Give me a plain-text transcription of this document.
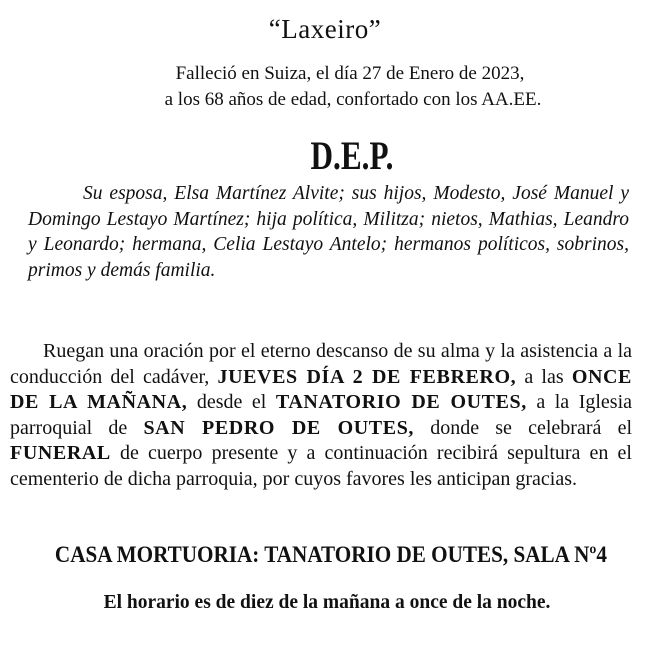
“Laxeiro”
Falleció en Suiza, el día 27 de Enero de 2023,
a los 68 años de edad, confortado con los AA.EE.
D.E.P.
Su esposa, Elsa Martínez Alvite; sus hijos, Modesto, José Manuel y Domingo Lestayo Martínez; hija política, Militza; nietos, Mathias, Leandro y Leonardo; hermana, Celia Lestayo Antelo; hermanos políticos, sobrinos, primos y demás familia.
Ruegan una oración por el eterno descanso de su alma y la asistencia a la conducción del cadáver, JUEVES DÍA 2 DE FEBRERO, a las ONCE DE LA MAÑANA, desde el TANATORIO DE OUTES, a la Iglesia parroquial de SAN PEDRO DE OUTES, donde se celebrará el FUNERAL de cuerpo presente y a continuación recibirá sepultura en el cementerio de dicha parroquia, por cuyos favores les anticipan gracias.
CASA MORTUORIA: TANATORIO DE OUTES, SALA Nº4
El horario es de diez de la mañana a once de la noche.
